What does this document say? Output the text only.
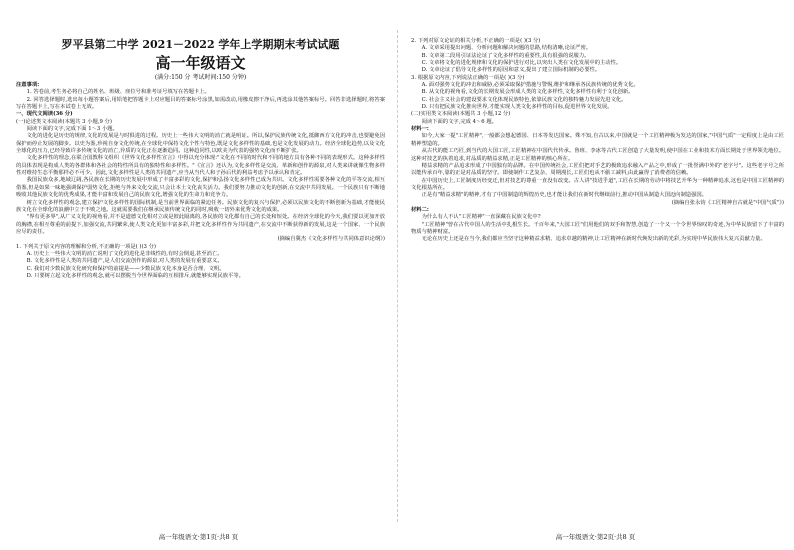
罗平县第二中学 2021－2022 学年上学期期末考试试题
高一年级语文
(满分:150 分 考试时间:150 分钟)

注意事项:

1. 答卷前,考生务必将自己的姓名、班级、座位号和准考证号填写在答题卡上。

2. 回答选择题时,选出每小题答案后,用铅笔把答题卡上对应题目的答案标号涂黑,如需改动,用橡皮擦干净后,再选涂其他答案标号。回答非选择题时,将答案写在答题卡上,写在本试卷上无效。

一、现代文阅读(36 分)

(一)论述类文本阅读(本题共 3 小题,9 分)

阅读下面的文字,完成下面 1～3 小题。

文化的进化是历史的规律,文化的发展是与时俱进的过程。历史上一些伟大文明的消亡就是明证。所以,保护民族传统文化,抵御西方文化的冲击,也要避免因保护而停止发展的脚步。以史为鉴,珍视自身文化传统,在全球化中保持文化个性与特色,既是文化多样性的基础,也是文化发展的动力。经济全球化趋势,以及文化全球化的压力,已经导致许多传统文化的消亡,异质的文化正在逐渐趋同。这种趋同性,以欧美为代表的强势文化而不断扩张。

文化多样性的理念,在联合国教科文组织《世界文化多样性宣言》中得以充分体现:"文化在不同的时代和不同的地方具有各种不同的表现形式。这种多样性的具体表现是构成人类的各群体和各社会的特性所具有的独特性和多样性。"《宣言》还认为,文化多样性是交流、革新和创作的源泉,对人类来讲就像生物多样性对维持生态平衡那样必不可少。因此,文化多样性是人类的共同遗产,应当从当代人和子孙后代的利益考虑予以承认和肯定。

我国民族众多,地域辽阔,各民族在长期的历史发展中形成了丰富多彩的文化,保护和弘扬文化多样性已成为共识。文化多样性需要各种文化的平等交流,相互借鉴,但是如果一味地强调保护弱势文化,拒绝与外来文化交流,只会让本土文化丧失活力。我们要努力推动文化的创新,在交流中共同发展。一个民族只有不断地吸收其他民族文化的优秀成果,才能丰富和发展自己的民族文化,增强文化的生命力和竞争力。

树立文化多样性的观念,建立保护文化多样性的国际机制,是当前世界面临的紧迫任务。民族文化的复兴与保护,必须以民族文化的不断创新为基础,才能使民族文化在全球化的浪潮中立于不败之地。这就需要我们在继承民族传统文化的同时,吸收一切外来优秀文化的成果。

"界有更多界",从广义文化的视角看,并不是道德文化相对立或是彼此隔离的,各民族的文化都有自己的长处和短处。在经济全球化的今天,我们要以更加开放的胸襟,在相互尊重的前提下,加强交流,共同繁荣,使人类文化更加丰富多彩,并把文化多样性作为共同遗产,在交流中不断获得新的发展,这是一个国家、一个民族应尽的责任。

(摘编自冀杰《文化多样性与共同体意识论纲》)

1. 下列关于原文内容的理解和分析,不正确的一项是( )(3 分)

A. 历史上一些伟大文明的消亡说明了文化的进化是非线性的,有时会倒退,甚至消亡。

B. 文化多样性是人类的共同遗产,是人们交流创作的源泉,对人类的发展有重要意义。

C. 我们对少数民族文化研究和保护的前提是——少数民族文化本身是否合理、文明。

D. 只要树立起文化多样性的观念,就可以摆脱当今世界面临的互相排斥,就能够实现民族平等。

高一年级语文·第1页·共8 页

2. 下列对原文论证的相关分析,不正确的一项是( )(3 分)

A. 文章采用提出问题、分析问题和解决问题的思路,结构清晰,论证严密。

B. 文章第二段用引证法论证了文化多样性的重要性,具有很强的说服力。

C. 文章将文化的进化规律和文化的保护进行对比,以突出人类在文化发展中的主动性。

D. 文章论证了倡导文化多样性的原因和意义,提出了建立国际机制的必要性。

3. 根据原文内容,下列说法正确的一项是( )(3 分)

A. 面对强势文化的冲击和威胁,必须采取保护措施与警惕,维护和继承各民族传统的优秀文化。

B. 从文化的视角看,文化的长期发展会形成人类的文化多样性,文化多样性有利于文化创新。

C. 社会主义社会的建设要求文化体现民族特色,依靠民族文化的独特魅力发展先进文化。

D. 只有把民族文化推向世界,才能实现人类文化多样性的目标,促进世界文化发展。

(二)实用类文本阅读(本题共 3 小题,12 分)

阅读下面的文字,完成 4～6 题。

材料一:

如今,大家一提"工匠精神",一般都会想起德国、日本等发达国家。殊不知,自古以来,中国就是一个工匠精神极为发达的国家,"中国气质"一定程度上是由工匠精神塑造的。

从古代的能工巧匠,到当代的大国工匠,工匠精神在中国代代传承。鲁班、李冰等古代工匠创造了大量发明,使中国在工业和技术方面长期处于世界领先地位。这种对技艺的执着追求,对品质的精益求精,正是工匠精神的核心所在。

精益求精的产品追求形成了中国独有的品牌。在中国传统社会,工匠们把对手艺的极致追求融入产品之中,形成了一批誉满中外的"老字号"。这些老字号之所以能传承百年,靠的正是对品质的坚守。即使制作工艺复杂、周期漫长,工匠们也从不偷工减料,由此赢得了消费者的信赖。

在中国历史上,工匠制度历经变迁,但对技艺的尊重一直没有改变。古人讲"技进乎道",工匠在长期的劳动中将技艺升华为一种精神追求,这也是中国工匠精神的文化根基所在。

正是有"精益求精"的精神,才有了中国制造的辉煌历史,也才能让我们在新时代继续前行,推动中国从制造大国迈向制造强国。

(摘编自张永钧《工匠精神自古就是"中国气质"》)

材料二:

为什么有人不认"工匠精神"一直深藏在民族文化中?

"工匠精神"曾在古代中国人的生活中扎根生长。千百年来,"大国工匠"们用他们的双手和智慧,创造了一个又一个令世界惊叹的奇迹,为中华民族留下了丰富的物质与精神财富。

无论在历史上还是在当今,我们都应当坚守这种精益求精、追求卓越的精神,让工匠精神在新时代焕发出新的光彩,为实现中华民族伟大复兴贡献力量。

高一年级语文·第2页·共8 页
